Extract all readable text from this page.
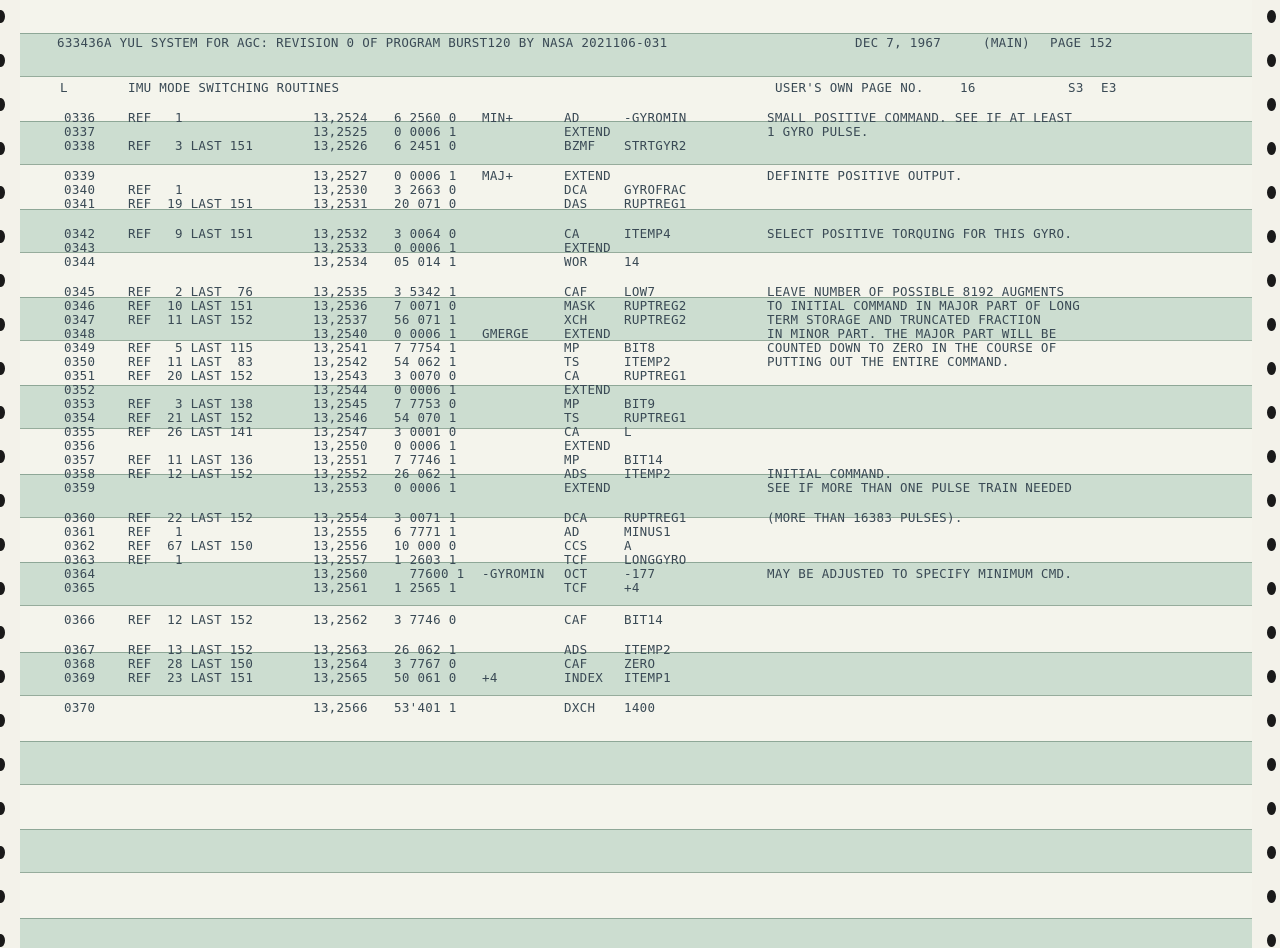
633436A YUL SYSTEM FOR AGC: REVISION 0 OF PROGRAM BURST120 BY NASA 2021106-031	DEC 7, 1967	(MAIN) PAGE 152
L	IMU MODE SWITCHING ROUTINES	USER'S OWN PAGE NO.	16	S3 E3
0336	REF   1	13,2524 6 2560 0 MIN+	AD	-GYROMIN	SMALL POSITIVE COMMAND. SEE IF AT LEAST
0337	13,2525 0 0006 1	EXTEND	1 GYRO PULSE.
0338	REF   3 LAST 151	13,2526 6 2451 0	BZMF STRTGYR2
0339	13,2527 0 0006 1 MAJ+	EXTEND	DEFINITE POSITIVE OUTPUT.
0340	REF   1	13,2530 3 2663 0	DCA	GYROFRAC
0341	REF  19 LAST 151	13,2531 20 071 0	DAS	RUPTREG1
0342	REF   9 LAST 151	13,2532 3 0064 0	CA	ITEMP4	SELECT POSITIVE TORQUING FOR THIS GYRO.
0343	13,2533 0 0006 1	EXTEND
0344	13,2534 05 014 1	WOR	14
0345	REF   2 LAST  76	13,2535 3 5342 1	CAF	LOW7	LEAVE NUMBER OF POSSIBLE 8192 AUGMENTS
0346	REF  10 LAST 151	13,2536 7 0071 0	MASK RUPTREG2	TO INITIAL COMMAND IN MAJOR PART OF LONG
0347	REF  11 LAST 152	13,2537 56 071 1	XCH	RUPTREG2	TERM STORAGE AND TRUNCATED FRACTION
0348	13,2540 0 0006 1 GMERGE	EXTEND	IN MINOR PART. THE MAJOR PART WILL BE
0349	REF   5 LAST 115	13,2541 7 7754 1	MP	BIT8	COUNTED DOWN TO ZERO IN THE COURSE OF
0350	REF  11 LAST  83	13,2542 54 062 1	TS	ITEMP2	PUTTING OUT THE ENTIRE COMMAND.
0351	REF  20 LAST 152	13,2543 3 0070 0	CA	RUPTREG1
0352	13,2544 0 0006 1	EXTEND
0353	REF   3 LAST 138	13,2545 7 7753 0	MP	BIT9
0354	REF  21 LAST 152	13,2546 54 070 1	TS	RUPTREG1
0355	REF  26 LAST 141	13,2547 3 0001 0	CA	L
0356	13,2550 0 0006 1	EXTEND
0357	REF  11 LAST 136	13,2551 7 7746 1	MP	BIT14
0358	REF  12 LAST 152	13,2552 26 062 1	ADS	ITEMP2	INITIAL COMMAND.
0359	13,2553 0 0006 1	EXTEND	SEE IF MORE THAN ONE PULSE TRAIN NEEDED
0360	REF  22 LAST 152	13,2554 3 0071 1	DCA	RUPTREG1	(MORE THAN 16383 PULSES).
0361	REF   1	13,2555 6 7771 1	AD	MINUS1
0362	REF  67 LAST 150	13,2556 10 000 0	CCS	A
0363	REF   1	13,2557 1 2603 1	TCF	LONGGYRO
0364	13,2560 77600 1 -GYROMIN OCT	-177	MAY BE ADJUSTED TO SPECIFY MINIMUM CMD.
0365	13,2561 1 2565 1	TCF	+4
0366	REF  12 LAST 152	13,2562 3 7746 0	CAF	BIT14
0367	REF  13 LAST 152	13,2563 26 062 1	ADS	ITEMP2
0368	REF  28 LAST 150	13,2564 3 7767 0	CAF	ZERO
0369	REF  23 LAST 151	13,2565 50 061 0 +4	INDEX ITEMP1
0370	13,2566 53'401 1	DXCH 1400
